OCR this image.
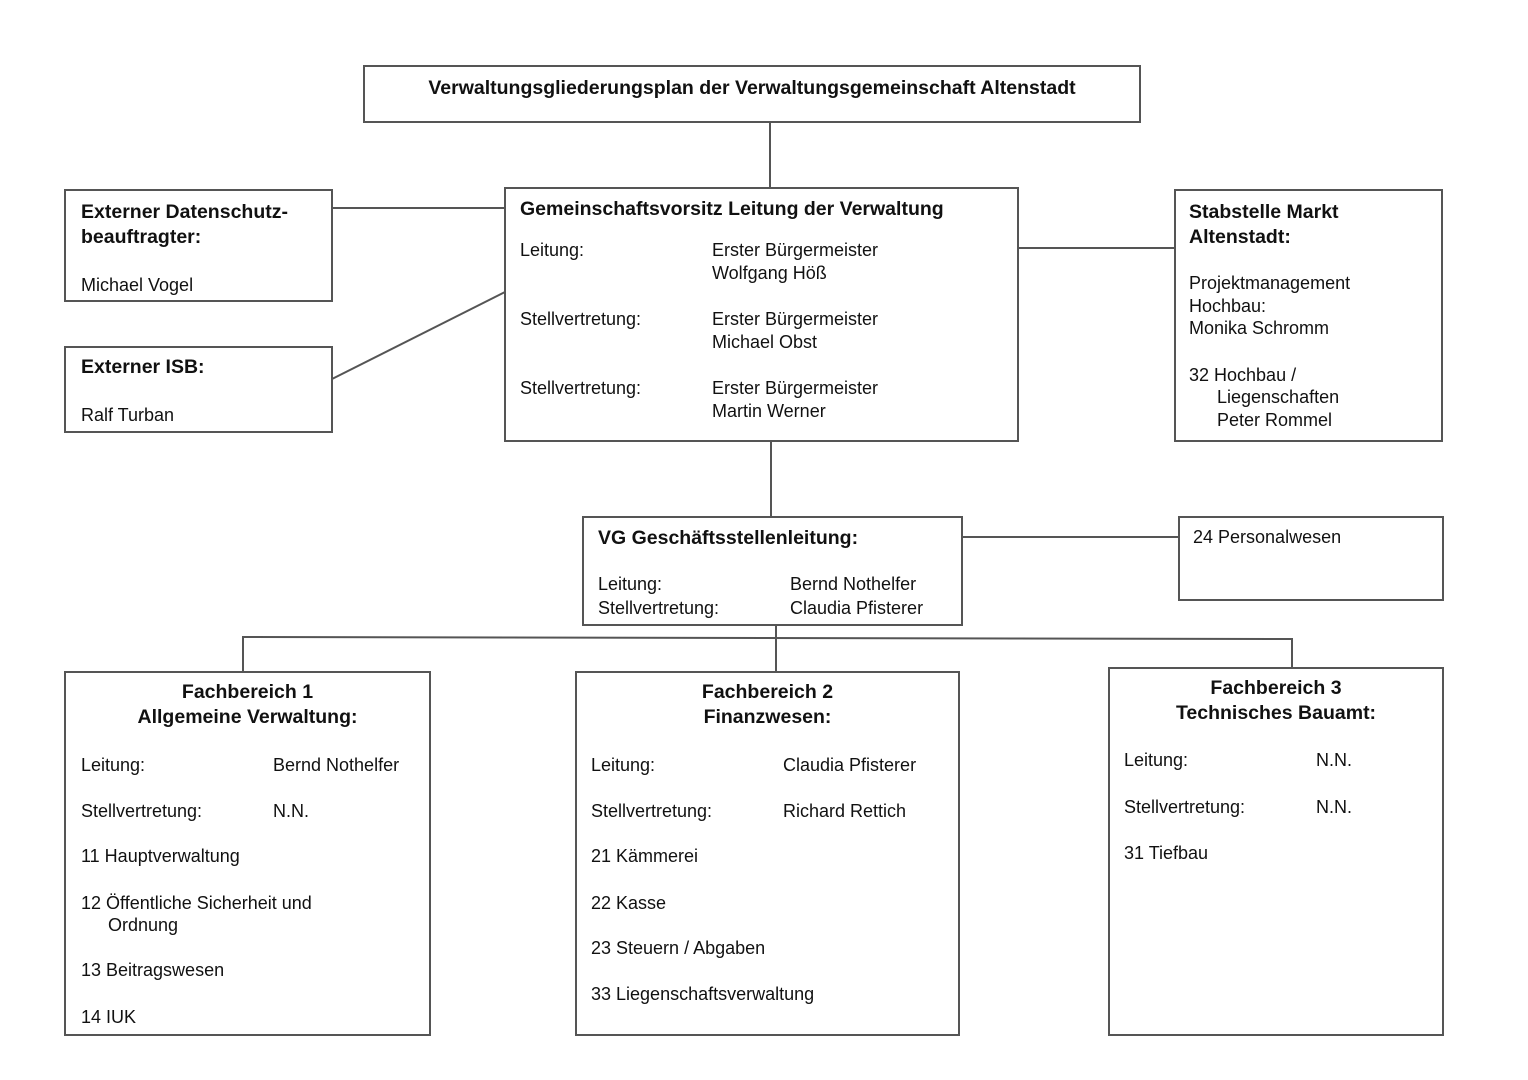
Verwaltungsgliederungsplan der Verwaltungsgemeinschaft Altenstadt
Externer Datenschutz-
beauftragter:
Michael Vogel
Externer ISB:
Ralf Turban
Gemeinschaftsvorsitz Leitung der Verwaltung
Leitung:	Erster Bürgermeister
Wolfgang Höß
Stellvertretung:	Erster Bürgermeister
Michael Obst
Stellvertretung:	Erster Bürgermeister
Martin Werner
Stabstelle Markt
Altenstadt:
Projektmanagement
Hochbau:
Monika Schromm
32 Hochbau /
Liegenschaften
Peter Rommel
VG Geschäftsstellenleitung:
Leitung:	Bernd Nothelfer
Stellvertretung:	Claudia Pfisterer
24 Personalwesen
Fachbereich 1
Allgemeine Verwaltung:
Leitung:	Bernd Nothelfer
Stellvertretung:	N.N.
11 Hauptverwaltung
12 Öffentliche Sicherheit und
Ordnung
13 Beitragswesen
14 IUK
Fachbereich 2
Finanzwesen:
Leitung:	Claudia Pfisterer
Stellvertretung:	Richard Rettich
21 Kämmerei
22 Kasse
23 Steuern / Abgaben
33 Liegenschaftsverwaltung
Fachbereich 3
Technisches Bauamt:
Leitung:	N.N.
Stellvertretung:	N.N.
31 Tiefbau
